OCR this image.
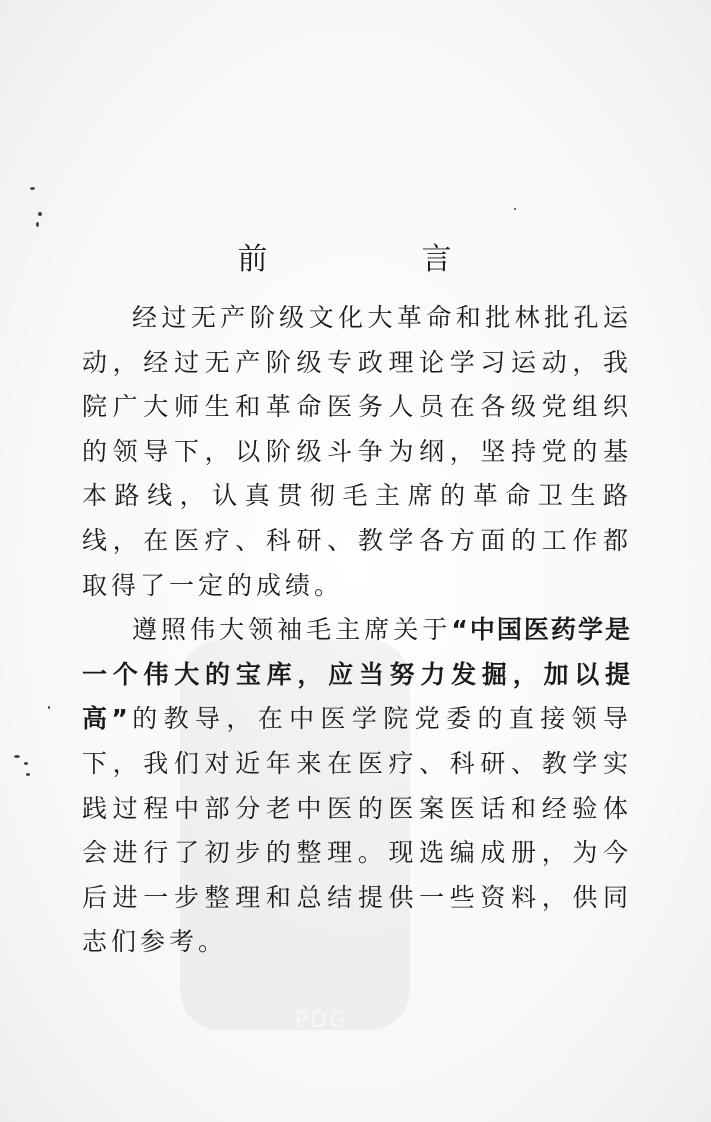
PDG
前　言

经过无产阶级文化大革命和批林批孔运动，经过无产阶级专政理论学习运动，我院广大师生和革命医务人员在各级党组织的领导下，以阶级斗争为纲，坚持党的基本路线，认真贯彻毛主席的革命卫生路线，在医疗、科研、教学各方面的工作都取得了一定的成绩。

遵照伟大领袖毛主席关于“中国医药学是一个伟大的宝库，应当努力发掘，加以提高”的教导，在中医学院党委的直接领导下，我们对近年来在医疗、科研、教学实践过程中部分老中医的医案医话和经验体会进行了初步的整理。现选编成册，为今后进一步整理和总结提供一些资料，供同志们参考。
